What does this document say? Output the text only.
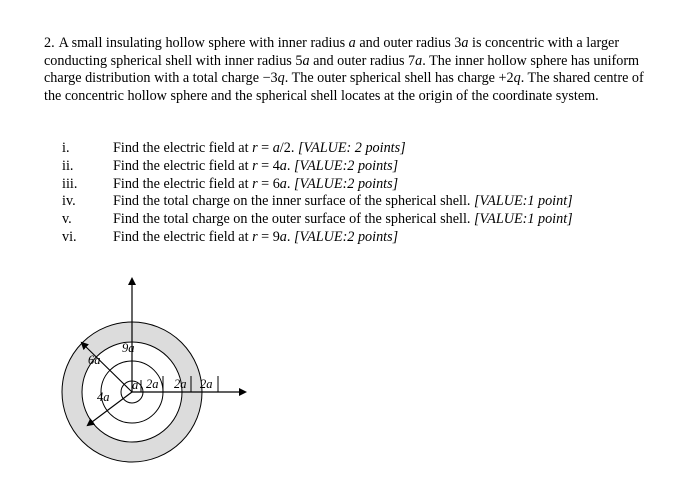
2. A small insulating hollow sphere with inner radius a and outer radius 3a is concentric with a larger conducting spherical shell with inner radius 5a and outer radius 7a. The inner hollow sphere has uniform charge distribution with a total charge −3q. The outer spherical shell has charge +2q. The shared centre of the concentric hollow sphere and the spherical shell locates at the origin of the coordinate system.

i.	Find the electric field at r = a/2. [VALUE: 2 points]
ii.	Find the electric field at r = 4a. [VALUE:2 points]
iii.	Find the electric field at r = 6a. [VALUE:2 points]
iv.	Find the total charge on the inner surface of the spherical shell. [VALUE:1 point]
v.	Find the total charge on the outer surface of the spherical shell. [VALUE:1 point]
vi.	Find the electric field at r = 9a. [VALUE:2 points]
9a
6a
4a
a 2a 2a 2a
